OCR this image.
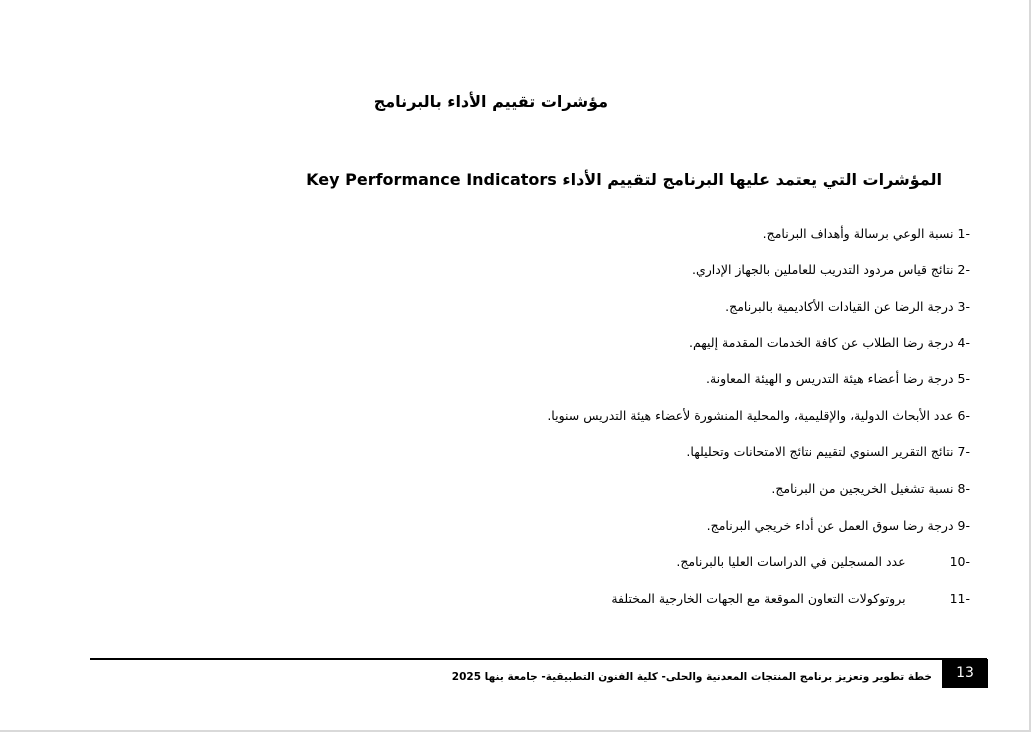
مؤشرات تقييم الأداء بالبرنامج
المؤشرات التي يعتمد عليها البرنامج لتقييم الأداء Key Performance Indicators
1-نسبة الوعي برسالة وأهداف البرنامج.
2-نتائج قياس مردود التدريب للعاملين بالجهاز الإداري.
3-درجة الرضا عن القيادات الأكاديمية بالبرنامج.
4-درجة رضا الطلاب عن كافة الخدمات المقدمة إليهم.
5-درجة رضا أعضاء هيئة التدريس و الهيئة المعاونة.
6-عدد الأبحاث الدولية، والإقليمية، والمحلية المنشورة لأعضاء هيئة التدريس سنويا.
7-نتائج التقرير السنوي لتقييم نتائج الامتحانات وتحليلها.
8-نسبة تشغيل الخريجين من البرنامج.
9-درجة رضا سوق العمل عن أداء خريجي البرنامج.
10-عدد المسجلين في الدراسات العليا بالبرنامج.
11-بروتوكولات التعاون الموقعة مع الجهات الخارجية المختلفة
خطة تطوير وتعزيز برنامج المنتجات المعدنية والحلى- كلية الفنون التطبيقية- جامعة بنها 2025	13
